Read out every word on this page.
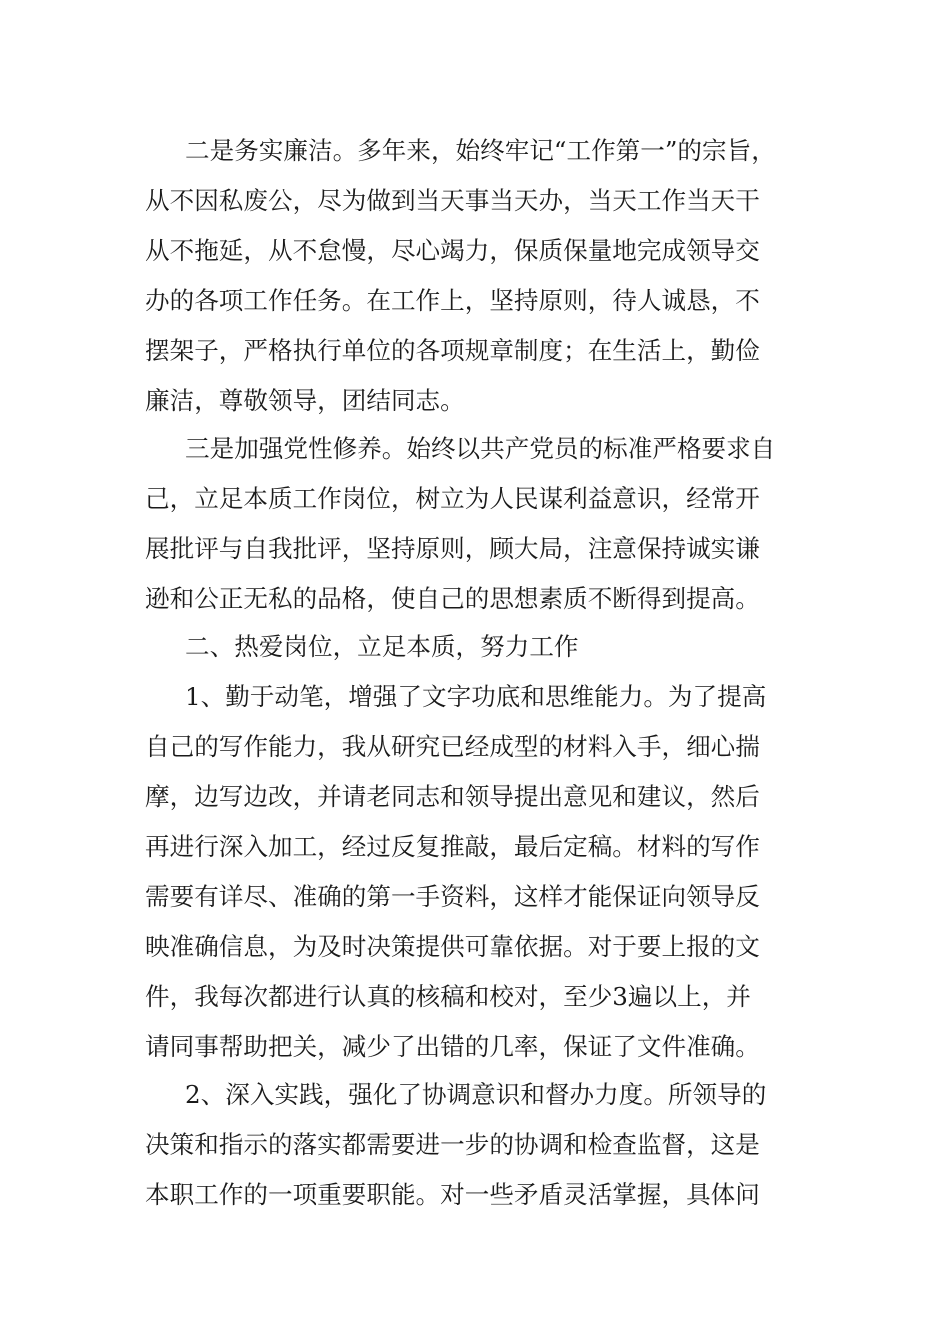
二是务实廉洁。多年来，始终牢记“工作第一”的宗旨，

从不因私废公，尽为做到当天事当天办，当天工作当天干

从不拖延，从不怠慢，尽心竭力，保质保量地完成领导交

办的各项工作任务。在工作上，坚持原则，待人诚恳，不

摆架子，严格执行单位的各项规章制度；在生活上，勤俭

廉洁，尊敬领导，团结同志。

三是加强党性修养。始终以共产党员的标准严格要求自

己，立足本质工作岗位，树立为人民谋利益意识，经常开

展批评与自我批评，坚持原则，顾大局，注意保持诚实谦

逊和公正无私的品格，使自己的思想素质不断得到提高。

二、热爱岗位，立足本质，努力工作

1、勤于动笔，增强了文字功底和思维能力。为了提高

自己的写作能力，我从研究已经成型的材料入手，细心揣

摩，边写边改，并请老同志和领导提出意见和建议，然后

再进行深入加工，经过反复推敲，最后定稿。材料的写作

需要有详尽、准确的第一手资料，这样才能保证向领导反

映准确信息，为及时决策提供可靠依据。对于要上报的文

件，我每次都进行认真的核稿和校对，至少3遍以上，并

请同事帮助把关，减少了出错的几率，保证了文件准确。

2、深入实践，强化了协调意识和督办力度。所领导的

决策和指示的落实都需要进一步的协调和检查监督，这是

本职工作的一项重要职能。对一些矛盾灵活掌握，具体问
